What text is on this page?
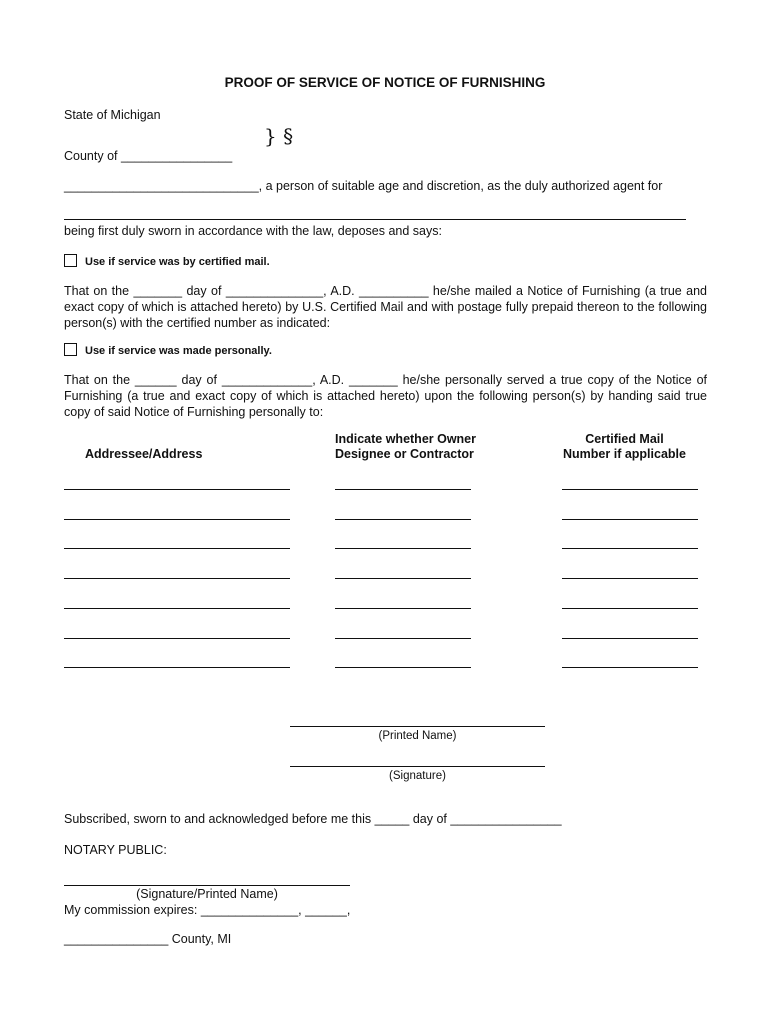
PROOF OF SERVICE OF NOTICE OF FURNISHING
State of Michigan
} §
County of ________________
____________________________, a person of suitable age and discretion, as the duly authorized agent for
being first duly sworn in accordance with the law, deposes and says:
Use if service was by certified mail.
That on the _______ day of ______________, A.D. __________ he/she mailed a Notice of Furnishing (a true and exact copy of which is attached hereto) by U.S. Certified Mail and with postage fully prepaid thereon to the following person(s) with the certified number as indicated:
Use if service was made personally.
That on the ______ day of _____________, A.D. _______ he/she personally served a true copy of the Notice of Furnishing (a true and exact copy of which is attached hereto) upon the following person(s) by handing said true copy of said Notice of Furnishing personally to:
Addressee/Address
Indicate whether Owner
Designee or Contractor
Certified Mail
Number if applicable
(Printed Name)
(Signature)
Subscribed, sworn to and acknowledged before me this _____ day of ________________
NOTARY PUBLIC:
(Signature/Printed Name)
My commission expires: ______________, ______,
_______________ County, MI
